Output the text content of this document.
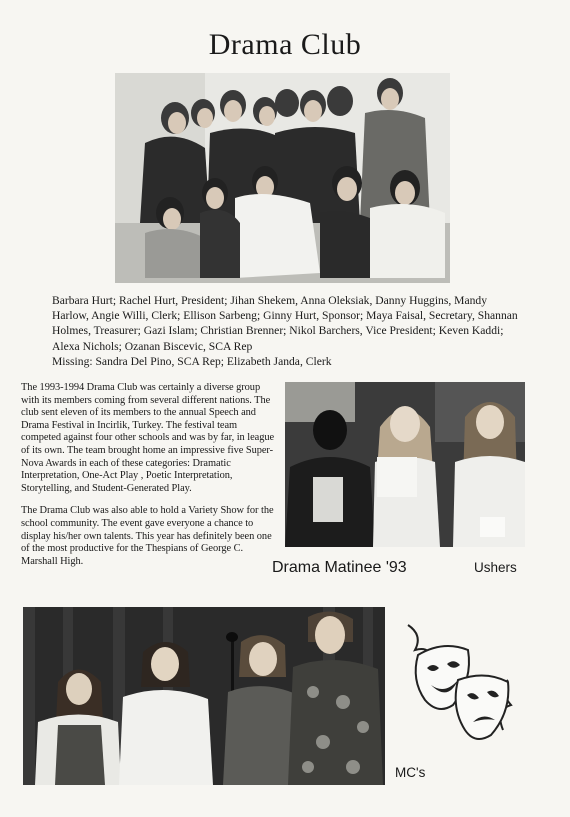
Drama Club

Barbara Hurt; Rachel Hurt, President; Jihan Shekem, Anna Oleksiak, Danny Huggins, Mandy Harlow, Angie Willi, Clerk; Ellison Sarbeng; Ginny Hurt, Sponsor; Maya Faisal, Secretary, Shannan Holmes, Treasurer; Gazi Islam; Christian Brenner; Nikol Barchers, Vice President; Keven Kaddi; Alexa Nichols; Ozanan Biscevic, SCA Rep

Missing: Sandra Del Pino, SCA Rep; Elizabeth Janda, Clerk

The 1993-1994 Drama Club was certainly a diverse group with its members coming from several different nations. The club sent eleven of its members to the annual Speech and Drama Festival in Incirlik, Turkey. The festival team competed against four other schools and was by far, in league of its own. The team brought home an impressive five Super-Nova Awards in each of these categories: Dramatic Interpretation, One-Act Play , Poetic Interpretation, Storytelling, and Student-Generated Play.

The Drama Club was also able to hold a Variety Show for the school community. The event gave everyone a chance to display his/her own talents. This year has definitely been one of the most productive for the Thespians of George C. Marshall High.	Drama Matinee '93	Ushers
MC's
